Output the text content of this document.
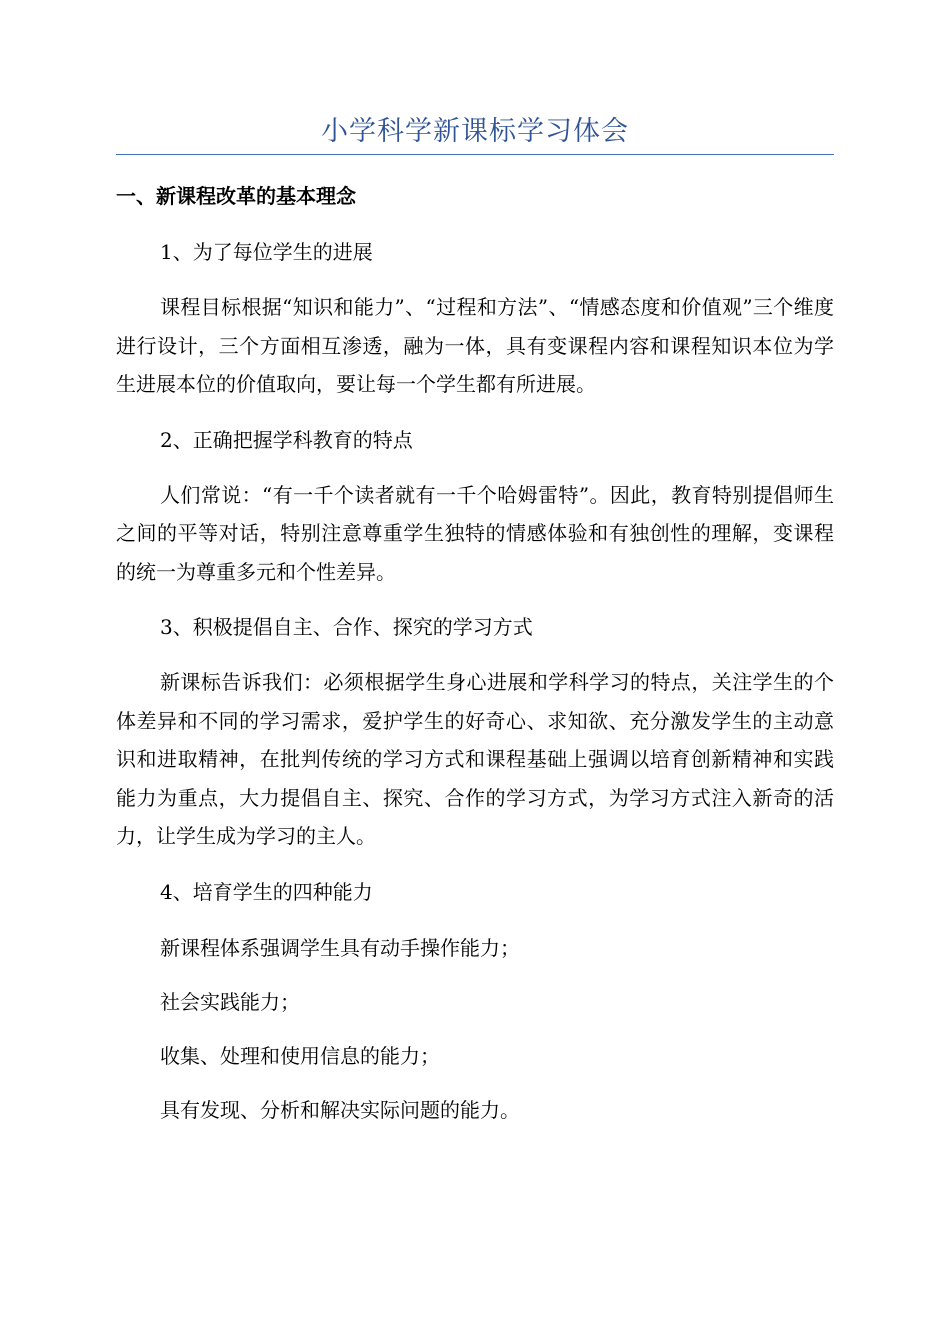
小学科学新课标学习体会
一、新课程改革的基本理念
1、为了每位学生的进展
课程目标根据“知识和能力”、“过程和方法”、“情感态度和价值观”三个维度进行设计，三个方面相互渗透，融为一体，具有变课程内容和课程知识本位为学生进展本位的价值取向，要让每一个学生都有所进展。
2、正确把握学科教育的特点
人们常说：“有一千个读者就有一千个哈姆雷特”。因此，教育特别提倡师生之间的平等对话，特别注意尊重学生独特的情感体验和有独创性的理解，变课程的统一为尊重多元和个性差异。
3、积极提倡自主、合作、探究的学习方式
新课标告诉我们：必须根据学生身心进展和学科学习的特点，关注学生的个体差异和不同的学习需求，爱护学生的好奇心、求知欲、充分激发学生的主动意识和进取精神，在批判传统的学习方式和课程基础上强调以培育创新精神和实践能力为重点，大力提倡自主、探究、合作的学习方式，为学习方式注入新奇的活力，让学生成为学习的主人。
4、培育学生的四种能力
新课程体系强调学生具有动手操作能力；
社会实践能力；
收集、处理和使用信息的能力；
具有发现、分析和解决实际问题的能力。
